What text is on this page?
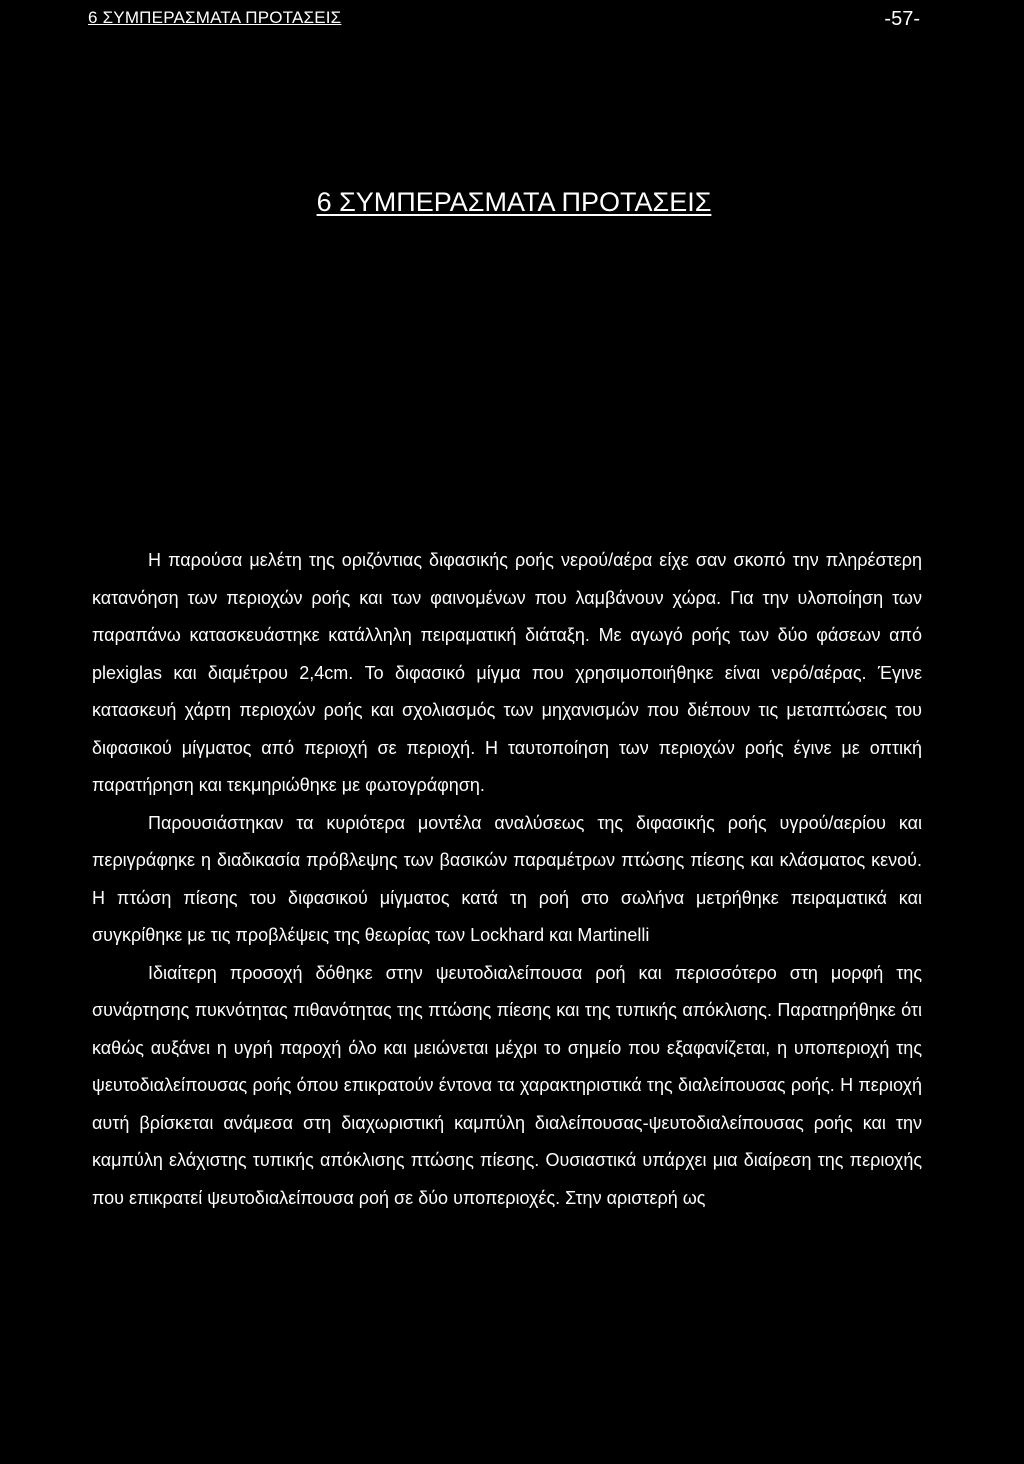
6 ΣΥΜΠΕΡΑΣΜΑΤΑ ΠΡΟΤΑΣΕΙΣ	-57-
6 ΣΥΜΠΕΡΑΣΜΑΤΑ ΠΡΟΤΑΣΕΙΣ

Η παρούσα μελέτη της οριζόντιας διφασικής ροής νερού/αέρα είχε σαν σκοπό την πληρέστερη κατανόηση των περιοχών ροής και των φαινομένων που λαμβάνουν χώρα. Για την υλοποίηση των παραπάνω κατασκευάστηκε κατάλληλη πειραματική διάταξη. Με αγωγό ροής των δύο φάσεων από plexiglas και διαμέτρου 2,4cm. Το διφασικό μίγμα που χρησιμοποιήθηκε είναι νερό/αέρας. Έγινε κατασκευή χάρτη περιοχών ροής και σχολιασμός των μηχανισμών που διέπουν τις μεταπτώσεις του διφασικού μίγματος από περιοχή σε περιοχή. Η ταυτοποίηση των περιοχών ροής έγινε με οπτική παρατήρηση και τεκμηριώθηκε με φωτογράφηση.

Παρουσιάστηκαν τα κυριότερα μοντέλα αναλύσεως της διφασικής ροής υγρού/αερίου και περιγράφηκε η διαδικασία πρόβλεψης των βασικών παραμέτρων πτώσης πίεσης και κλάσματος κενού. Η πτώση πίεσης του διφασικού μίγματος κατά τη ροή στο σωλήνα μετρήθηκε πειραματικά και συγκρίθηκε με τις προβλέψεις της θεωρίας των Lockhard και Martinelli

Ιδιαίτερη προσοχή δόθηκε στην ψευτοδιαλείπουσα ροή και περισσότερο στη μορφή της συνάρτησης πυκνότητας πιθανότητας της πτώσης πίεσης και της τυπικής απόκλισης. Παρατηρήθηκε ότι καθώς αυξάνει η υγρή παροχή όλο και μειώνεται μέχρι το σημείο που εξαφανίζεται, η υποπεριοχή της ψευτοδιαλείπουσας ροής όπου επικρατούν έντονα τα χαρακτηριστικά της διαλείπουσας ροής. Η περιοχή αυτή βρίσκεται ανάμεσα στη διαχωριστική καμπύλη διαλείπουσας-ψευτοδιαλείπουσας ροής και την καμπύλη ελάχιστης τυπικής απόκλισης πτώσης πίεσης. Ουσιαστικά υπάρχει μια διαίρεση της περιοχής που επικρατεί ψευτοδιαλείπουσα ροή σε δύο υποπεριοχές. Στην αριστερή ως
